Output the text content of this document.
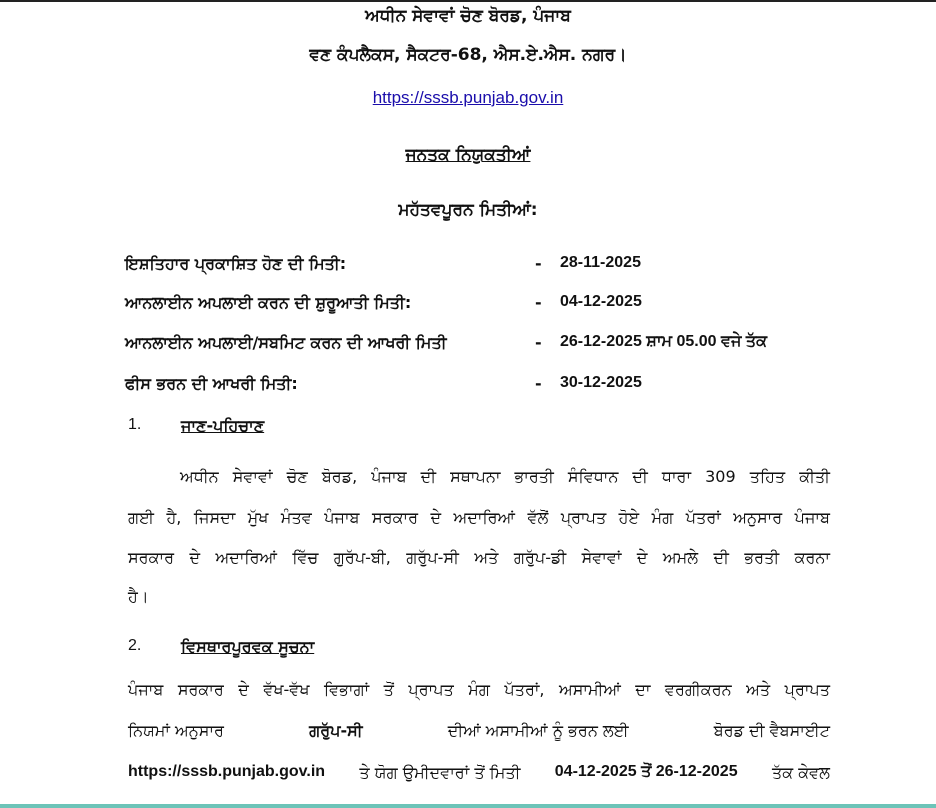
ਅਧੀਨ ਸੇਵਾਵਾਂ ਚੋਣ ਬੋਰਡ, ਪੰਜਾਬ
ਵਣ ਕੰਪਲੈਕਸ, ਸੈਕਟਰ-68, ਐਸ.ਏ.ਐਸ. ਨਗਰ।
https://sssb.punjab.gov.in
ਜਨਤਕ ਨਿਯੁਕਤੀਆਂ
ਮਹੱਤਵਪੂਰਨ ਮਿਤੀਆਂ:
ਇਸ਼ਤਿਹਾਰ ਪ੍ਰਕਾਸ਼ਿਤ ਹੋਣ ਦੀ ਮਿਤੀ:	- 28-11-2025
ਆਨਲਾਈਨ ਅਪਲਾਈ ਕਰਨ ਦੀ ਸ਼ੁਰੂਆਤੀ ਮਿਤੀ:	- 04-12-2025
ਆਨਲਾਈਨ ਅਪਲਾਈ/ਸਬਮਿਟ ਕਰਨ ਦੀ ਆਖਰੀ ਮਿਤੀ	- 26-12-2025 ਸ਼ਾਮ 05.00 ਵਜੇ ਤੱਕ
ਫੀਸ ਭਰਨ ਦੀ ਆਖਰੀ ਮਿਤੀ:	- 30-12-2025
1. ਜਾਣ-ਪਹਿਚਾਣ
ਅਧੀਨ ਸੇਵਾਵਾਂ ਚੋਣ ਬੋਰਡ, ਪੰਜਾਬ ਦੀ ਸਥਾਪਨਾ ਭਾਰਤੀ ਸੰਵਿਧਾਨ ਦੀ ਧਾਰਾ 309 ਤਹਿਤ ਕੀਤੀ
ਗਈ ਹੈ, ਜਿਸਦਾ ਮੁੱਖ ਮੰਤਵ ਪੰਜਾਬ ਸਰਕਾਰ ਦੇ ਅਦਾਰਿਆਂ ਵੱਲੋਂ ਪ੍ਰਾਪਤ ਹੋਏ ਮੰਗ ਪੱਤਰਾਂ ਅਨੁਸਾਰ ਪੰਜਾਬ
ਸਰਕਾਰ ਦੇ ਅਦਾਰਿਆਂ ਵਿੱਚ ਗੁਰੱਪ-ਬੀ, ਗਰੁੱਪ-ਸੀ ਅਤੇ ਗਰੁੱਪ-ਡੀ ਸੇਵਾਵਾਂ ਦੇ ਅਮਲੇ ਦੀ ਭਰਤੀ ਕਰਨਾ
ਹੈ।
2. ਵਿਸਥਾਰਪੂਰਵਕ ਸੂਚਨਾ
ਪੰਜਾਬ ਸਰਕਾਰ ਦੇ ਵੱਖ-ਵੱਖ ਵਿਭਾਗਾਂ ਤੋਂ ਪ੍ਰਾਪਤ ਮੰਗ ਪੱਤਰਾਂ, ਅਸਾਮੀਆਂ ਦਾ ਵਰਗੀਕਰਨ ਅਤੇ ਪ੍ਰਾਪਤ
ਨਿਯਮਾਂ ਅਨੁਸਾਰ	ਗਰੁੱਪ-ਸੀ	ਦੀਆਂ ਅਸਾਮੀਆਂ ਨੂੰ ਭਰਨ ਲਈ	ਬੋਰਡ ਦੀ ਵੈਬਸਾਈਟ
https://sssb.punjab.gov.in ਤੇ ਯੋਗ ਉਮੀਦਵਾਰਾਂ ਤੋਂ ਮਿਤੀ 04-12-2025 ਤੋਂ 26-12-2025 ਤੱਕ ਕੇਵਲ
